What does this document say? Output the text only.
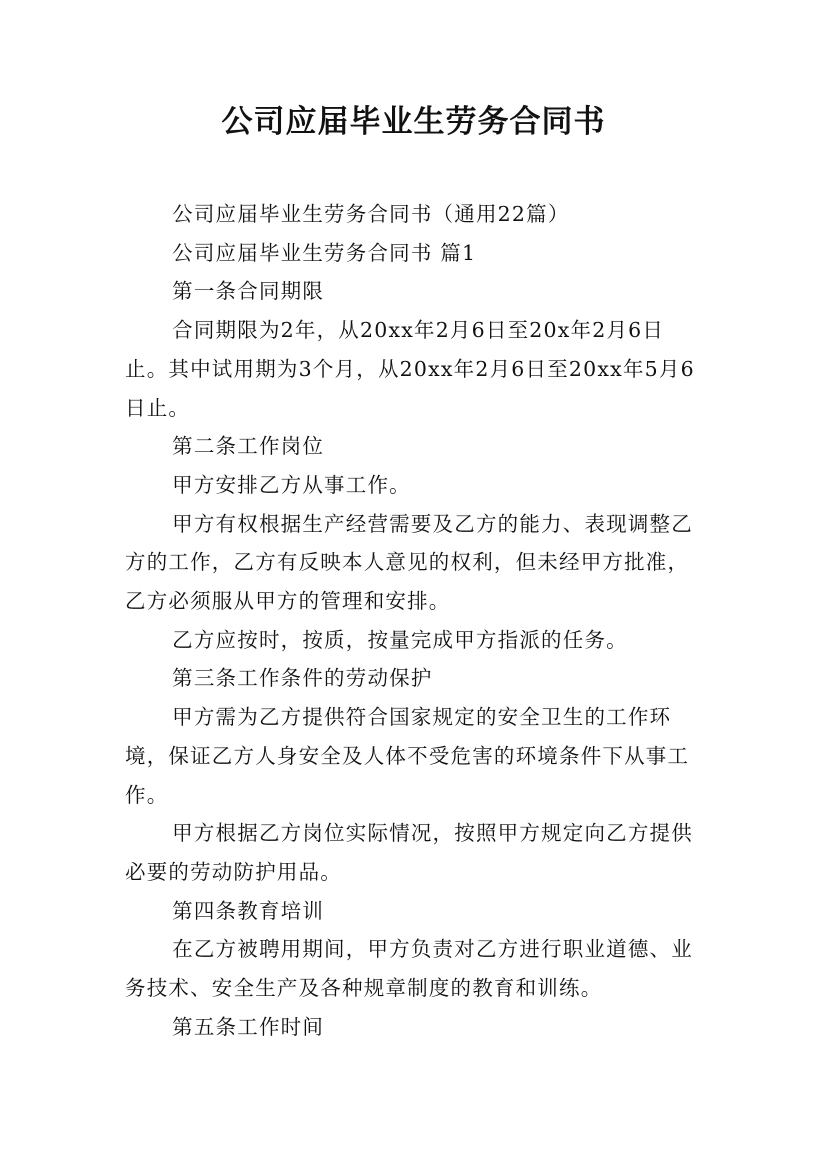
公司应届毕业生劳务合同书

公司应届毕业生劳务合同书（通用22篇）

公司应届毕业生劳务合同书 篇1

第一条合同期限

合同期限为2年，从20xx年2月6日至20x年2月6日止。其中试用期为3个月，从20xx年2月6日至20xx年5月6日止。

第二条工作岗位

甲方安排乙方从事工作。

甲方有权根据生产经营需要及乙方的能力、表现调整乙方的工作，乙方有反映本人意见的权利，但未经甲方批准，乙方必须服从甲方的管理和安排。

乙方应按时，按质，按量完成甲方指派的任务。

第三条工作条件的劳动保护

甲方需为乙方提供符合国家规定的安全卫生的工作环境，保证乙方人身安全及人体不受危害的环境条件下从事工作。

甲方根据乙方岗位实际情况，按照甲方规定向乙方提供必要的劳动防护用品。

第四条教育培训

在乙方被聘用期间，甲方负责对乙方进行职业道德、业务技术、安全生产及各种规章制度的教育和训练。

第五条工作时间
